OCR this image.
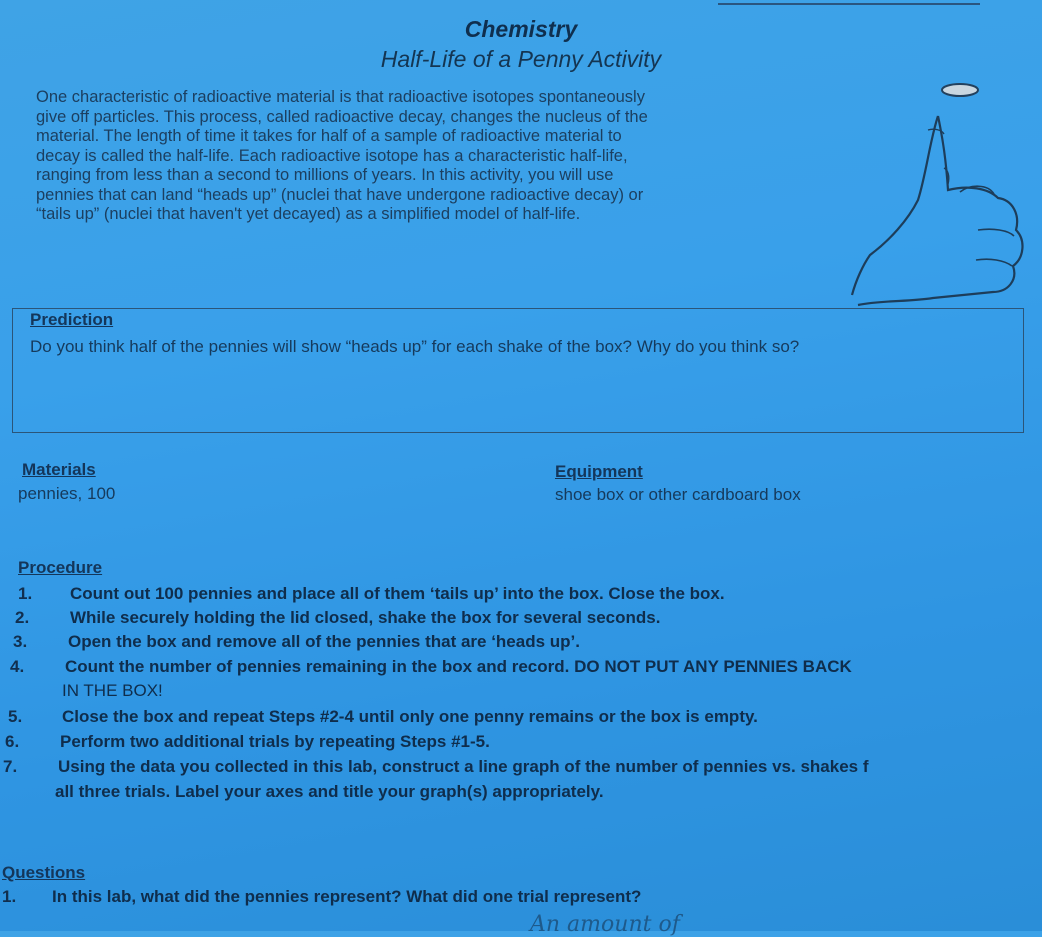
Chemistry
Half-Life of a Penny Activity
One characteristic of radioactive material is that radioactive isotopes spontaneously
give off particles. This process, called radioactive decay, changes the nucleus of the
material. The length of time it takes for half of a sample of radioactive material to
decay is called the half-life. Each radioactive isotope has a characteristic half-life,
ranging from less than a second to millions of years. In this activity, you will use
pennies that can land “heads up” (nuclei that have undergone radioactive decay) or
“tails up” (nuclei that haven't yet decayed) as a simplified model of half-life.
Prediction
Do you think half of the pennies will show “heads up” for each shake of the box? Why do you think so?
Materials
pennies, 100
Equipment
shoe box or other cardboard box
Procedure
1. Count out 100 pennies and place all of them ‘tails up’ into the box. Close the box.
2. While securely holding the lid closed, shake the box for several seconds.
3. Open the box and remove all of the pennies that are ‘heads up’.
4. Count the number of pennies remaining in the box and record. DO NOT PUT ANY PENNIES BACK
IN THE BOX!
5. Close the box and repeat Steps #2-4 until only one penny remains or the box is empty.
6. Perform two additional trials by repeating Steps #1-5.
7. Using the data you collected in this lab, construct a line graph of the number of pennies vs. shakes f
all three trials. Label your axes and title your graph(s) appropriately.
Questions
1. In this lab, what did the pennies represent? What did one trial represent?
An amount of
